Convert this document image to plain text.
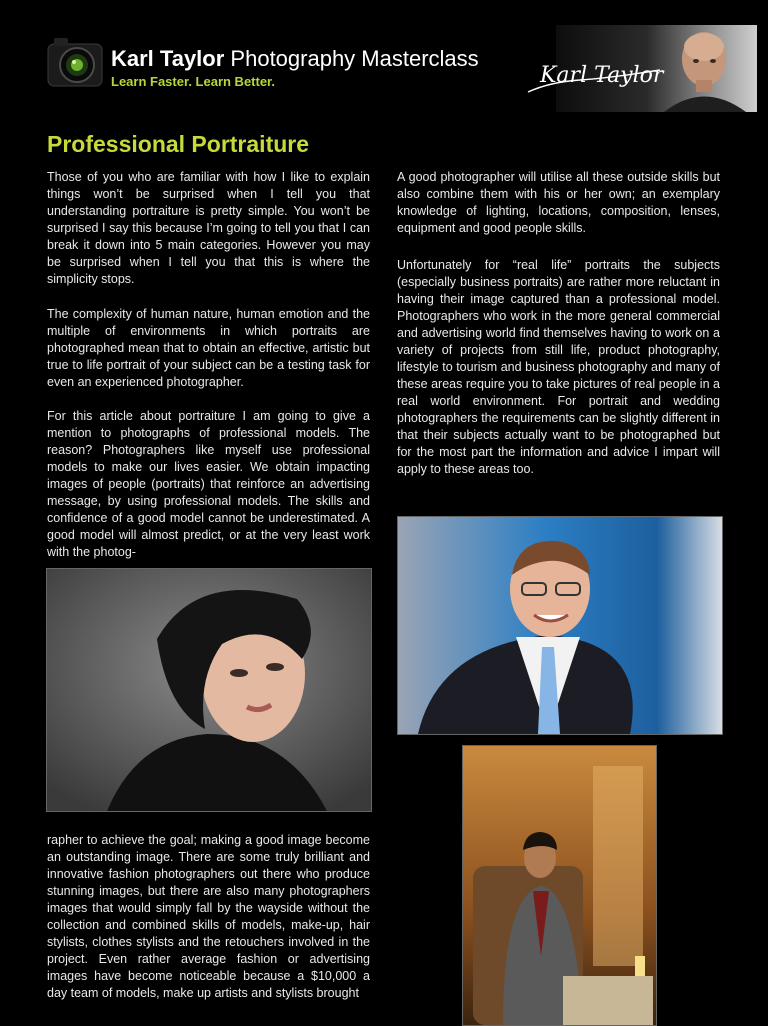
Karl Taylor Photography Masterclass
Learn Faster. Learn Better.	Karl Taylor
Professional Portraiture

Those of you who are familiar with how I like to explain things won’t be surprised when I tell you that understanding portraiture is pretty simple. You won’t be surprised I say this because I’m going to tell you that I can break it down into 5 main categories. However you may be surprised when I tell you that this is where the simplicity stops.

The complexity of human nature, human emotion and the multiple of environments in which portraits are photographed mean that to obtain an effective, artistic but true to life portrait of your subject can be a testing task for even an experienced photographer.

For this article about portraiture I am going to give a mention to photographs of professional models. The reason? Photographers like myself use professional models to make our lives easier. We obtain impacting images of people (portraits) that reinforce an advertising message, by using professional models. The skills and confidence of a good model cannot be underestimated. A good model will almost predict, or at the very least work with the photog-

rapher to achieve the goal; making a good image become an outstanding image. There are some truly brilliant and innovative fashion photographers out there who produce stunning images, but there are also many photographers images that would simply fall by the wayside without the collection and combined skills of models, make-up, hair stylists, clothes stylists and the retouchers involved in the project. Even rather average fashion or advertising images have become noticeable because a $10,000 a day team of models, make up artists and stylists brought

A good photographer will utilise all these outside skills but also combine them with his or her own; an exemplary knowledge of lighting, locations, composition, lenses, equipment and good people skills.

Unfortunately for “real life” portraits the subjects (especially business portraits) are rather more reluctant in having their image captured than a professional model. Photographers who work in the more general commercial and advertising world find themselves having to work on a variety of projects from still life, product photography, lifestyle to tourism and business photography and many of these areas require you to take pictures of real people in a real world environment. For portrait and wedding photographers the requirements can be slightly different in that their subjects actually want to be photographed but for the most part the information and advice I impart will apply to these areas too.
